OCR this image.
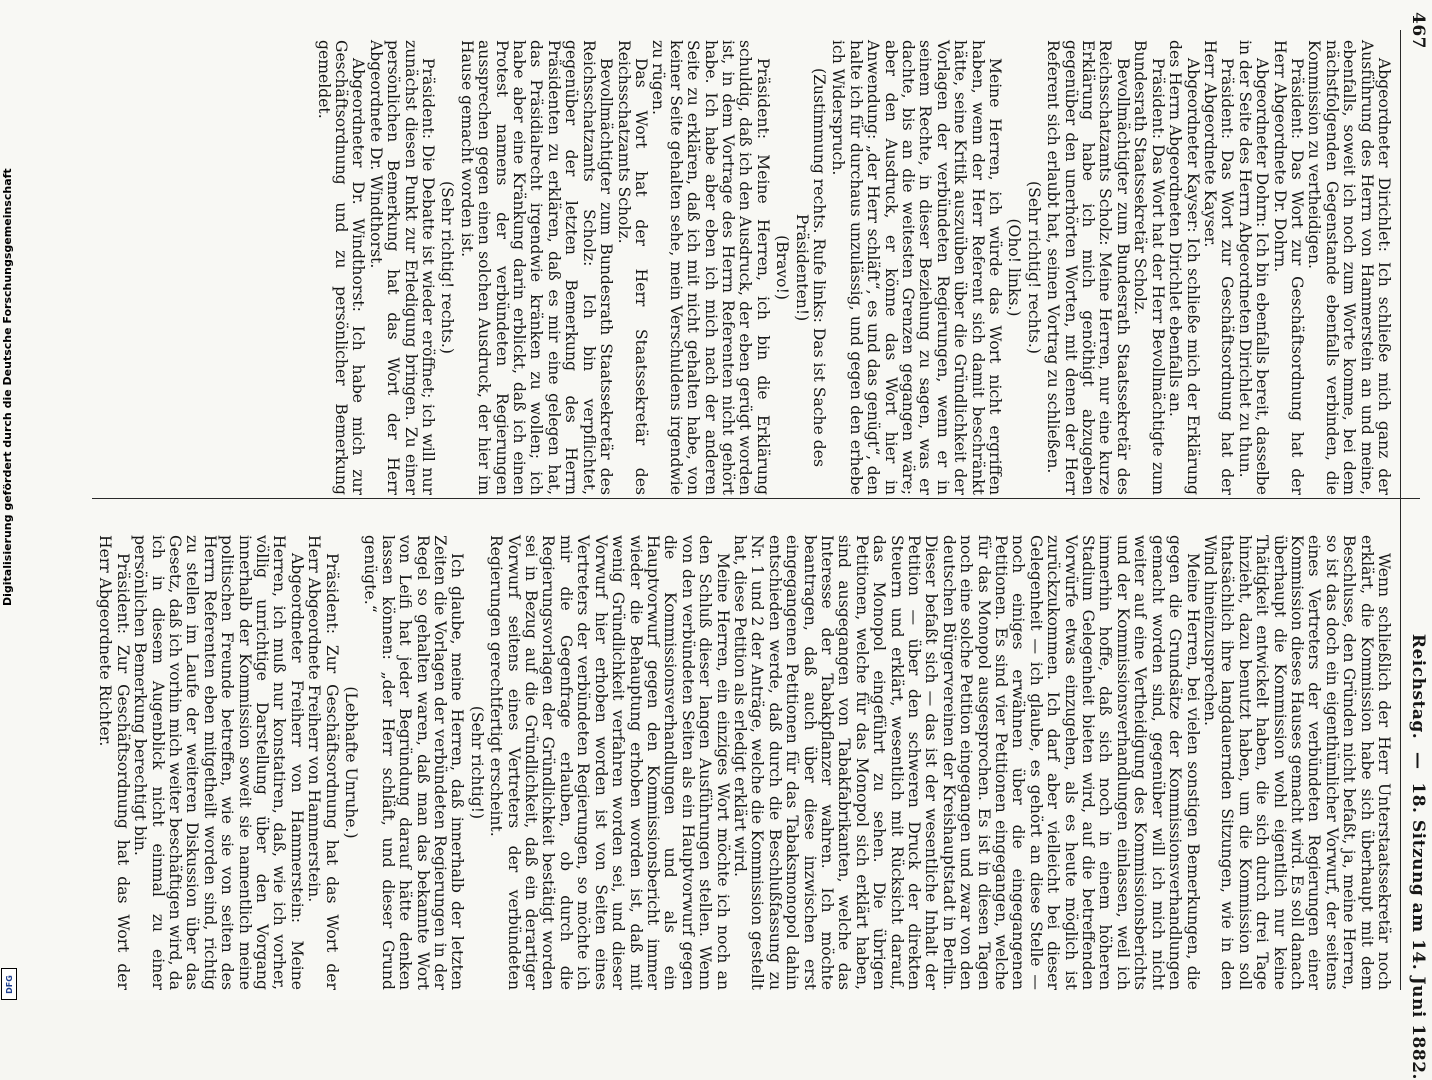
467                                                                                        Reichstag.  —  18. Sitzung am 14. Juni 1882.

Wenn schließlich der Herr Unterstaatssekretär noch erklärt, die Kommission habe sich überhaupt mit dem Beschlusse, den Gründen nicht befaßt, ja, meine Herren, so ist das doch ein eigenthümlicher Vorwurf, der seitens eines Vertreters der verbündeten Regierungen einer Kommission dieses Hauses gemacht wird. Es soll danach überhaupt die Kommission wohl eigentlich nur keine Thätigkeit entwickelt haben, die sich durch drei Tage hinzieht, dazu benutzt haben, um die Kommission soll thatsächlich ihre langdauernden Sitzungen, wie in den Wind hineinzusprechen.

Meine Herren, bei vielen sonstigen Bemerkungen, die gegen die Grundsätze der Kommissionsverhandlungen gemacht worden sind, gegenüber will ich mich nicht weiter auf eine Vertheidigung des Kommissionsberichts und der Kommissionsverhandlungen einlassen, weil ich immerhin hoffe, daß sich noch in einem höheren Stadium Gelegenheit bieten wird, auf die betreffenden Vorwürfe etwas einzugehen, als es heute möglich ist zurückzukommen. Ich darf aber vielleicht bei dieser Gelegenheit — ich glaube, es gehört an diese Stelle — noch einiges erwähnen über die eingegangenen Petitionen. Es sind vier Petitionen eingegangen, welche für das Monopol ausgesprochen. Es ist in diesen Tagen noch eine solche Petition eingegangen und zwar von den deutschen Bürgervereinen der Kreishauptstadt in Berlin. Dieser befaßt sich — das ist der wesentliche Inhalt der Petition — über den schweren Druck der direkten Steuern und erklärt, wesentlich mit Rücksicht darauf, das Monopol eingeführt zu sehen. Die übrigen Petitionen, welche für das Monopol sich erklärt haben, sind ausgegangen von Tabakfabrikanten, welche das Interesse der Tabakpflanzer wahren. Ich möchte beantragen, daß auch über diese inzwischen erst eingegangenen Petitionen für das Tabaksmonopol dahin entschieden werde, daß durch die Beschlußfassung zu Nr. 1 und 2 der Anträge, welche die Kommission gestellt hat, diese Petition als erledigt erklärt wird.

Meine Herren, ein einziges Wort möchte ich noch an den Schluß dieser langen Ausführungen stellen. Wenn von den verbündeten Seiten als ein Hauptvorwurf gegen die Kommissionsverhandlungen und als ein Hauptvorwurf gegen den Kommissionsbericht immer wieder die Behauptung erhoben worden ist, daß mit wenig Gründlichkeit verfahren worden sei, und dieser Vorwurf hier erhoben worden ist von Seiten eines Vertreters der verbündeten Regierungen, so möchte ich mir die Gegenfrage erlauben, ob durch die Regierungsvorlagen der Gründlichkeit bestätigt worden sei in Bezug auf die Gründlichkeit, daß ein derartiger Vorwurf seitens eines Vertreters der verbündeten Regierungen gerechtfertigt erscheint.

(Sehr richtig!)

Ich glaube, meine Herren, daß innerhalb der letzten Zeiten die Vorlagen der verbündeten Regierungen in der Regel so gehalten waren, daß man das bekannte Wort von Leifi hat jeder Begründung darauf hätte denken lassen können: „der Herr schläft, und dieser Grund genügte.“

(Lebhafte Unruhe.)

Präsident: Zur Geschäftsordnung hat das Wort der Herr Abgeordnete Freiherr von Hammerstein.

Abgeordneter Freiherr von Hammerstein: Meine Herren, ich muß nur konstatiren, daß, wie ich vorher, völlig unrichtige Darstellung über den Vorgang innerhalb der Kommission soweit sie namentlich meine politischen Freunde betreffen, wie sie von seiten des Herrn Referenten eben mitgetheilt worden sind, richtig zu stellen im Laufe der weiteren Diskussion über das Gesetz, daß ich vorhin mich weiter beschäftigen wird, da ich in diesem Augenblick nicht einmal zu einer persönlichen Bemerkung berechtigt bin.

Präsident: Zur Geschäftsordnung hat das Wort der Herr Abgeordnete Richter.

Abgeordneter Dirichlet: Ich schließe mich ganz der Ausführung des Herrn von Hammerstein an und meine, ebenfalls, soweit ich noch zum Worte komme, bei dem nächstfolgenden Gegenstande ebenfalls verbinden, die Kommission zu vertheidigen.

Präsident: Das Wort zur Geschäftsordnung hat der Herr Abgeordnete Dr. Dohrn.

Abgeordneter Dohrn: Ich bin ebenfalls bereit, dasselbe in der Seite des Herrn Abgeordneten Dirichlet zu thun.

Präsident: Das Wort zur Geschäftsordnung hat der Herr Abgeordnete Kayser.

Abgeordneter Kayser: Ich schließe mich der Erklärung des Herrn Abgeordneten Dirichlet ebenfalls an.

Präsident: Das Wort hat der Herr Bevollmächtigte zum Bundesrath Staatssekretär Scholz.

Bevollmächtigter zum Bundesrath Staatssekretär des Reichsschatzamts Scholz: Meine Herren, nur eine kurze Erklärung habe ich mich genöthigt abzugeben gegenüber den unerhörten Worten, mit denen der Herr Referent sich erlaubt hat, seinen Vortrag zu schließen.

(Sehr richtig! rechts.)

(Oho! links.)

Meine Herren, ich würde das Wort nicht ergriffen haben, wenn der Herr Referent sich damit beschränkt hätte, seine Kritik auszuüben über die Gründlichkeit der Vorlagen der verbündeten Regierungen, wenn er in seinem Rechte, in dieser Beziehung zu sagen, was er dachte, bis an die weitesten Grenzen gegangen wäre; aber den Ausdruck, er könne das Wort hier in Anwendung: „der Herr schläft“, es und das genügt“, den halte ich für durchaus unzulässig, und gegen den erhebe ich Widerspruch.

(Zustimmung rechts. Rufe links: Das ist Sache des Präsidenten!)

(Bravo!)

Präsident: Meine Herren, ich bin die Erklärung schuldig, daß ich den Ausdruck, der eben gerügt worden ist, in dem Vortrage des Herrn Referenten nicht gehört habe. Ich habe aber eben ich mich nach der anderen Seite zu erklären, daß ich mit nicht gehalten habe, von keiner Seite gehalten sehe, mein Verschuldens irgendwie zu rügen.

Das Wort hat der Herr Staatssekretär des Reichsschatzamts Scholz.

Bevollmächtigter zum Bundesrath Staatssekretär des Reichsschatzamts Scholz: Ich bin verpflichtet, gegenüber der letzten Bemerkung des Herrn Präsidenten zu erklären, daß es mir eine gelegen hat, das Präsidialrecht irgendwie kränken zu wollen; ich habe aber eine Kränkung darin erblickt, daß ich einen Protest namens der verbündeten Regierungen aussprechen gegen einen solchen Ausdruck, der hier im Hause gemacht worden ist.

(Sehr richtig! rechts.)

Präsident: Die Debatte ist wieder eröffnet; ich will nur zunächst diesen Punkt zur Erledigung bringen. Zu einer persönlichen Bemerkung hat das Wort der Herr Abgeordnete Dr. Windthorst.

Abgeordneter Dr. Windthorst: Ich habe mich zur Geschäftsordnung und zu persönlicher Bemerkung gemeldet.

Digitalisierung gefördert durch die Deutsche Forschungsgemeinschaft
DFG
